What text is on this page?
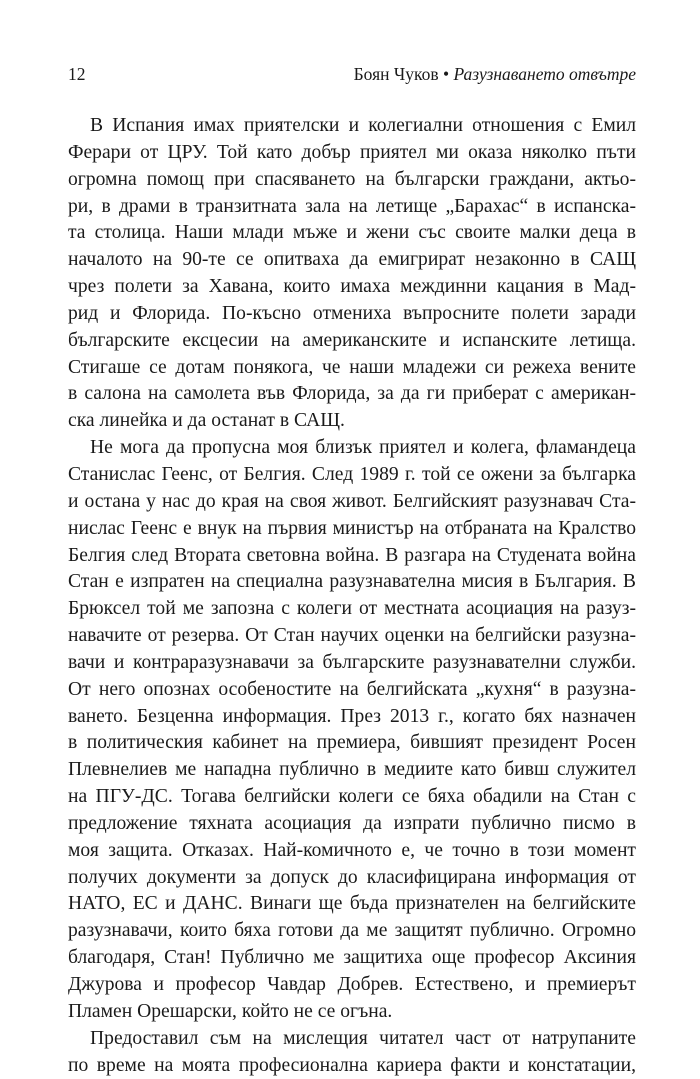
12	Боян Чуков • Разузнаването отвътре
В Испания имах приятелски и колегиални отношения с Емил
Ферари от ЦРУ. Той като добър приятел ми оказа няколко пъти
огромна помощ при спасяването на български граждани, актьо-
ри, в драми в транзитната зала на летище „Барахас“ в испанска-
та столица. Наши млади мъже и жени със своите малки деца в
началото на 90-те се опитваха да емигрират незаконно в САЩ
чрез полети за Хавана, които имаха междинни кацания в Мад-
рид и Флорида. По-късно отмениха въпросните полети заради
българските ексцесии на американските и испанските летища.
Стигаше се дотам понякога, че наши младежи си режеха вените
в салона на самолета във Флорида, за да ги приберат с американ-
ска линейка и да останат в САЩ.
Не мога да пропусна моя близък приятел и колега, фламандеца
Станислас Геенс, от Белгия. След 1989 г. той се ожени за българка
и остана у нас до края на своя живот. Белгийският разузнавач Ста-
нислас Геенс е внук на първия министър на отбраната на Кралство
Белгия след Втората световна война. В разгара на Студената война
Стан е изпратен на специална разузнавателна мисия в България. В
Брюксел той ме запозна с колеги от местната асоциация на разуз-
навачите от резерва. От Стан научих оценки на белгийски разузна-
вачи и контраразузнавачи за българските разузнавателни служби.
От него опознах особеностите на белгийската „кухня“ в разузна-
ването. Безценна информация. През 2013 г., когато бях назначен
в политическия кабинет на премиера, бившият президент Росен
Плевнелиев ме нападна публично в медиите като бивш служител
на ПГУ-ДС. Тогава белгийски колеги се бяха обадили на Стан с
предложение тяхната асоциация да изпрати публично писмо в
моя защита. Отказах. Най-комичното е, че точно в този момент
получих документи за допуск до класифицирана информация от
НАТО, ЕС и ДАНС. Винаги ще бъда признателен на белгийските
разузнавачи, които бяха готови да ме защитят публично. Огромно
благодаря, Стан! Публично ме защитиха още професор Аксиния
Джурова и професор Чавдар Добрев. Естествено, и премиерът
Пламен Орешарски, който не се огъна.
Предоставил съм на мислещия читател част от натрупаните
по време на моята професионална кариера факти и констатации,
